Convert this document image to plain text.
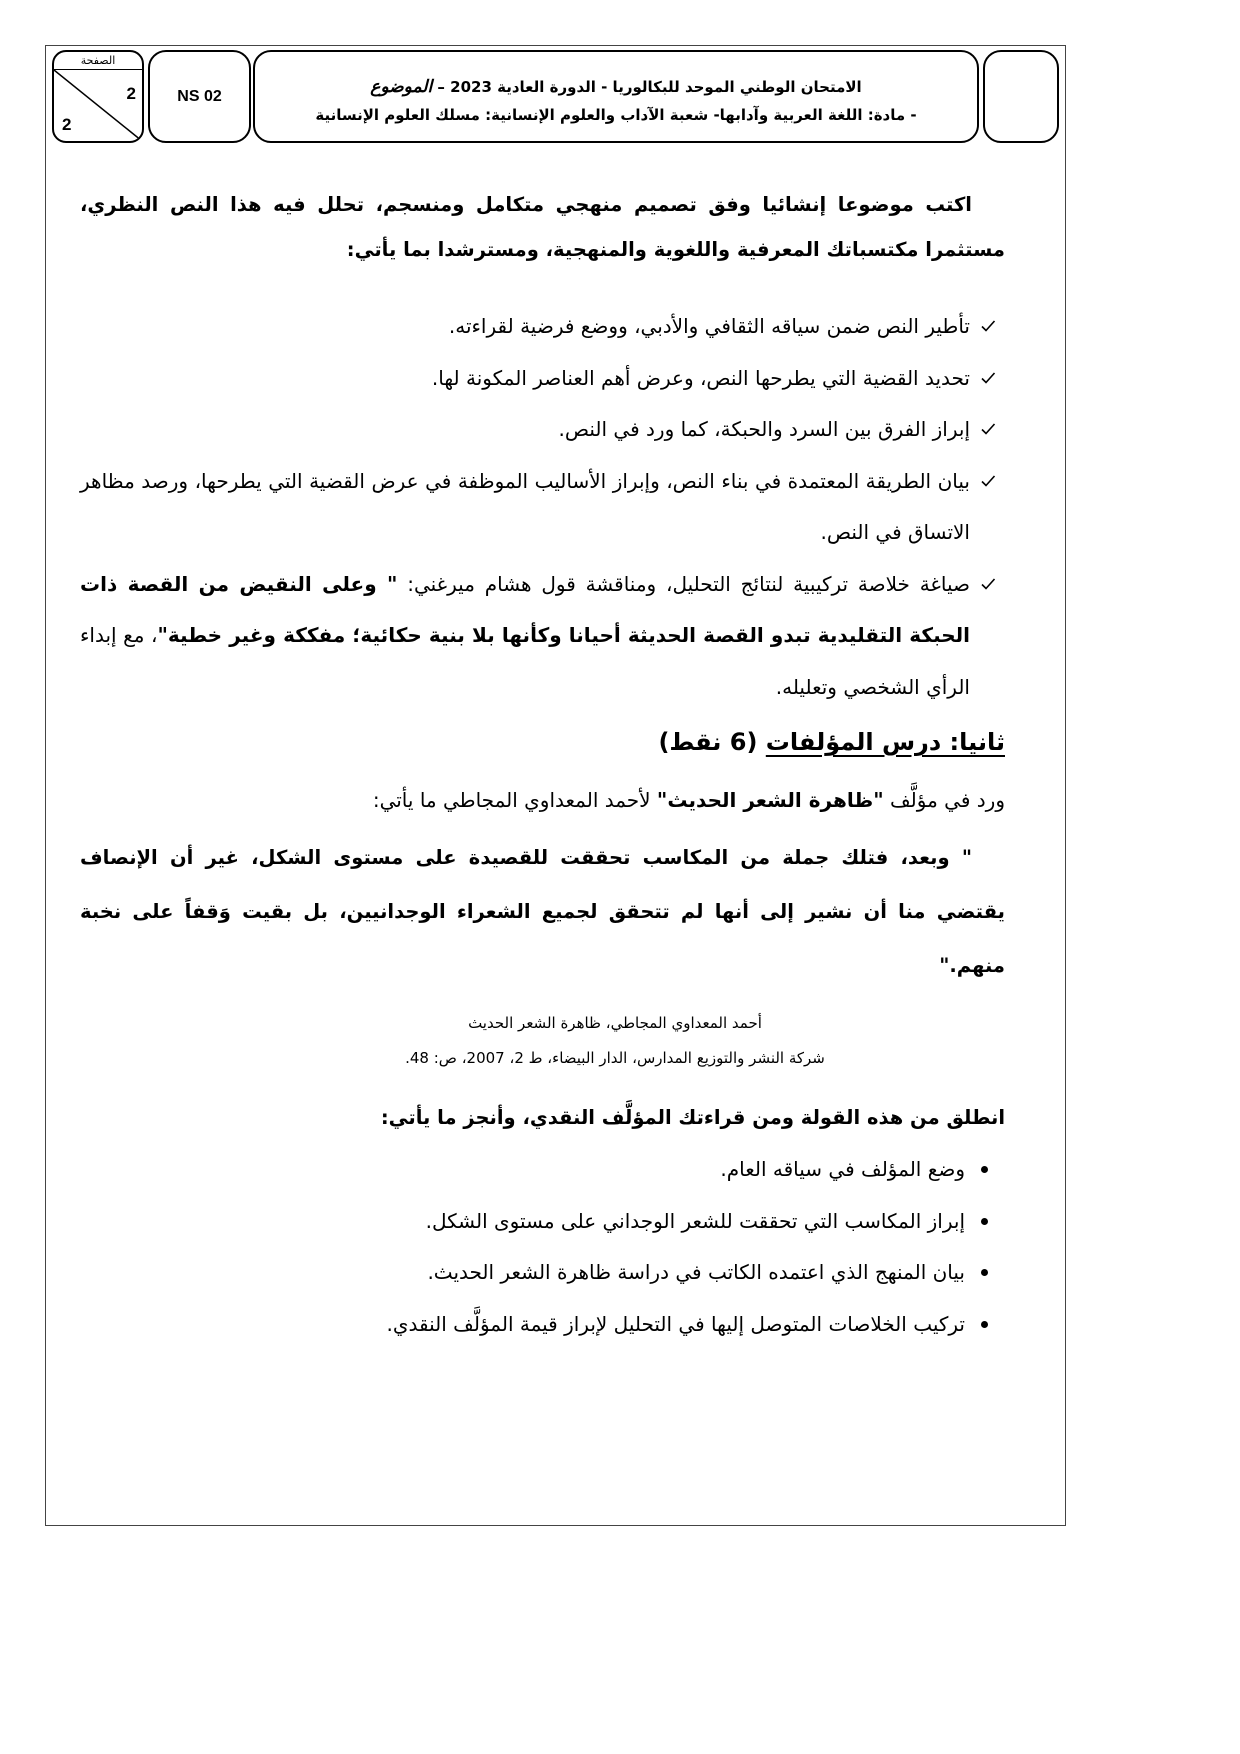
الصفحة
2
2
NS 02	الامتحان الوطني الموحد للبكالوريا - الدورة العادية 2023 – الموضوع
- مادة: اللغة العربية وآدابها- شعبة الآداب والعلوم الإنسانية: مسلك العلوم الإنسانية

اكتب موضوعا إنشائيا وفق تصميم منهجي متكامل ومنسجم، تحلل فيه هذا النص النظري، مستثمرا مكتسباتك المعرفية واللغوية والمنهجية، ومسترشدا بما يأتي:

تأطير النص ضمن سياقه الثقافي والأدبي، ووضع فرضية لقراءته.
تحديد القضية التي يطرحها النص، وعرض أهم العناصر المكونة لها.
إبراز الفرق بين السرد والحبكة، كما ورد في النص.
بيان الطريقة المعتمدة في بناء النص، وإبراز الأساليب الموظفة في عرض القضية التي يطرحها، ورصد مظاهر الاتساق في النص.
صياغة خلاصة تركيبية لنتائج التحليل، ومناقشة قول هشام ميرغني: " وعلى النقيض من القصة ذات الحبكة التقليدية تبدو القصة الحديثة أحيانا وكأنها بلا بنية حكائية؛ مفككة وغير خطية"، مع إبداء الرأي الشخصي وتعليله.
ثانيا: درس المؤلفات (6 نقط)

ورد في مؤلَّف "ظاهرة الشعر الحديث" لأحمد المعداوي المجاطي ما يأتي:

" وبعد، فتلك جملة من المكاسب تحققت للقصيدة على مستوى الشكل، غير أن الإنصاف يقتضي منا أن نشير إلى أنها لم تتحقق لجميع الشعراء الوجدانيين، بل بقيت وَقفاً على نخبة منهم."

أحمد المعداوي المجاطي، ظاهرة الشعر الحديث
شركة النشر والتوزيع المدارس، الدار البيضاء، ط 2، 2007، ص: 48.

انطلق من هذه القولة ومن قراءتك المؤلَّف النقدي، وأنجز ما يأتي:

وضع المؤلف في سياقه العام.
إبراز المكاسب التي تحققت للشعر الوجداني على مستوى الشكل.
بيان المنهج الذي اعتمده الكاتب في دراسة ظاهرة الشعر الحديث.
تركيب الخلاصات المتوصل إليها في التحليل لإبراز قيمة المؤلَّف النقدي.
